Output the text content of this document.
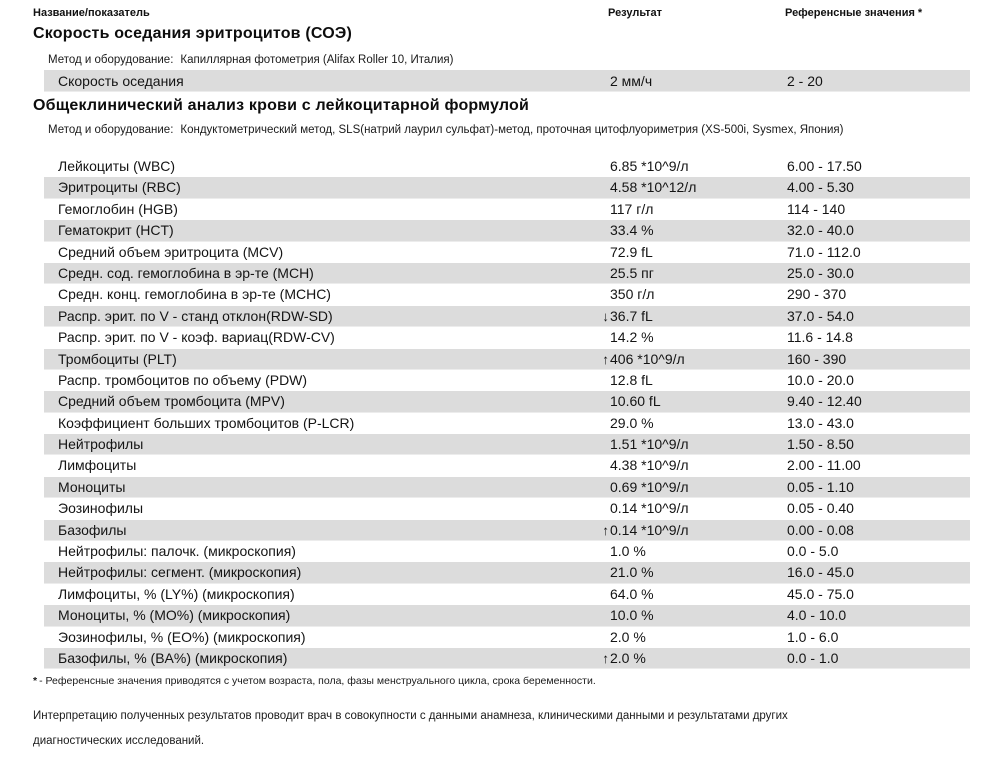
Название/показатель	Результат	Референсные значения *
Скорость оседания эритроцитов (СОЭ)
Метод и оборудование: Капиллярная фотометрия (Alifax Roller 10, Италия)
Скорость оседания	2 мм/ч	2 - 20
Общеклинический анализ крови с лейкоцитарной формулой
Метод и оборудование: Кондуктометрический метод, SLS(натрий лаурил сульфат)-метод, проточная цитофлуориметрия (XS-500i, Sysmex, Япония)
Лейкоциты (WBC)	6.85 *10^9/л	6.00 - 17.50
Эритроциты (RBC)	4.58 *10^12/л	4.00 - 5.30
Гемоглобин (HGB)	117 г/л	114 - 140
Гематокрит (HCT)	33.4 %	32.0 - 40.0
Средний объем эритроцита (MCV)	72.9 fL	71.0 - 112.0
Средн. сод. гемоглобина в эр-те (MCH)	25.5 пг	25.0 - 30.0
Средн. конц. гемоглобина в эр-те (MCHC)	350 г/л	290 - 370
Распр. эрит. по V - станд отклон(RDW-SD)	↓ 36.7 fL	37.0 - 54.0
Распр. эрит. по V - коэф. вариац(RDW-CV)	14.2 %	11.6 - 14.8
Тромбоциты (PLT)	↑ 406 *10^9/л	160 - 390
Распр. тромбоцитов по объему (PDW)	12.8 fL	10.0 - 20.0
Средний объем тромбоцита (MPV)	10.60 fL	9.40 - 12.40
Коэффициент больших тромбоцитов (P-LCR)	29.0 %	13.0 - 43.0
Нейтрофилы	1.51 *10^9/л	1.50 - 8.50
Лимфоциты	4.38 *10^9/л	2.00 - 11.00
Моноциты	0.69 *10^9/л	0.05 - 1.10
Эозинофилы	0.14 *10^9/л	0.05 - 0.40
Базофилы	↑ 0.14 *10^9/л	0.00 - 0.08
Нейтрофилы: палочк. (микроскопия)	1.0 %	0.0 - 5.0
Нейтрофилы: сегмент. (микроскопия)	21.0 %	16.0 - 45.0
Лимфоциты, % (LY%) (микроскопия)	64.0 %	45.0 - 75.0
Моноциты, % (MO%) (микроскопия)	10.0 %	4.0 - 10.0
Эозинофилы, % (EO%) (микроскопия)	2.0 %	1.0 - 6.0
Базофилы, % (BA%) (микроскопия)	↑ 2.0 %	0.0 - 1.0
* - Референсные значения приводятся с учетом возраста, пола, фазы менструального цикла, срока беременности.
Интерпретацию полученных результатов проводит врач в совокупности с данными анамнеза, клиническими данными и результатами других диагностических исследований.
